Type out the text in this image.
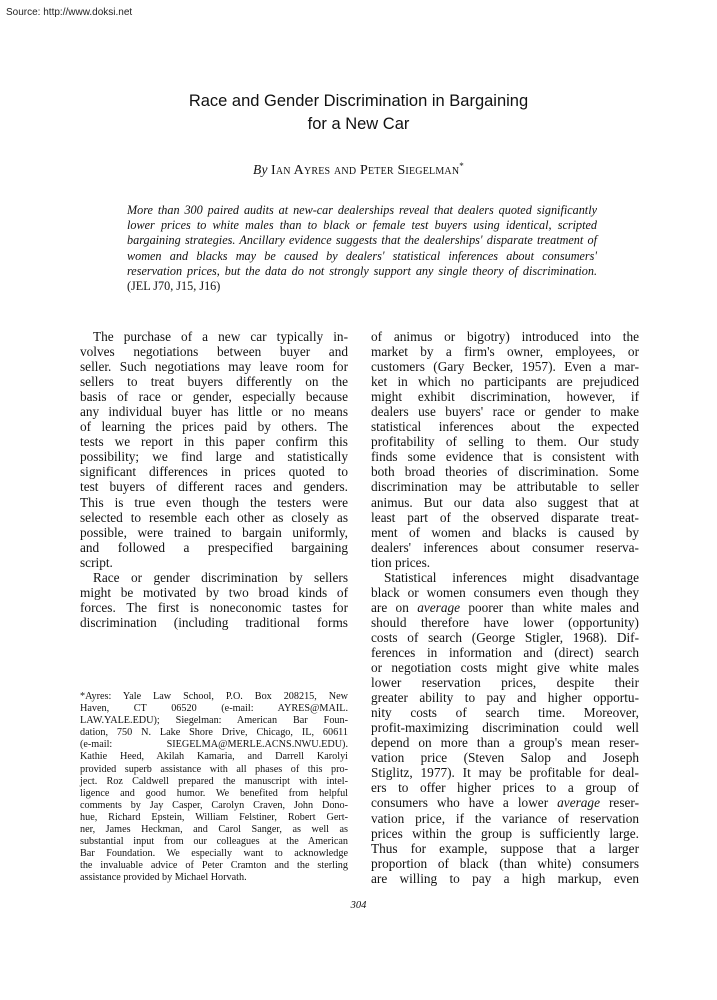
Source: http://www.doksi.net
Race and Gender Discrimination in Bargaining
for a New Car
By Ian Ayres and Peter Siegelman*
More than 300 paired audits at new-car dealerships reveal that dealers quoted significantly lower prices to white males than to black or female test buyers using identical, scripted bargaining strategies. Ancillary evidence suggests that the dealerships' disparate treatment of women and blacks may be caused by dealers' statistical inferences about consumers' reservation prices, but the data do not strongly support any single theory of discrimination. (JEL J70, J15, J16)
The purchase of a new car typically in-
volves negotiations between buyer and
seller. Such negotiations may leave room for
sellers to treat buyers differently on the
basis of race or gender, especially because
any individual buyer has little or no means
of learning the prices paid by others. The
tests we report in this paper confirm this
possibility; we find large and statistically
significant differences in prices quoted to
test buyers of different races and genders.
This is true even though the testers were
selected to resemble each other as closely as
possible, were trained to bargain uniformly,
and followed a prespecified bargaining
script.
Race or gender discrimination by sellers
might be motivated by two broad kinds of
forces. The first is noneconomic tastes for
discrimination (including traditional forms
of animus or bigotry) introduced into the
market by a firm's owner, employees, or
customers (Gary Becker, 1957). Even a mar-
ket in which no participants are prejudiced
might exhibit discrimination, however, if
dealers use buyers' race or gender to make
statistical inferences about the expected
profitability of selling to them. Our study
finds some evidence that is consistent with
both broad theories of discrimination. Some
discrimination may be attributable to seller
animus. But our data also suggest that at
least part of the observed disparate treat-
ment of women and blacks is caused by
dealers' inferences about consumer reserva-
tion prices.
Statistical inferences might disadvantage
black or women consumers even though they
are on average poorer than white males and
should therefore have lower (opportunity)
costs of search (George Stigler, 1968). Dif-
ferences in information and (direct) search
or negotiation costs might give white males
lower reservation prices, despite their
greater ability to pay and higher opportu-
nity costs of search time. Moreover,
profit-maximizing discrimination could well
depend on more than a group's mean reser-
vation price (Steven Salop and Joseph
Stiglitz, 1977). It may be profitable for deal-
ers to offer higher prices to a group of
consumers who have a lower average reser-
vation price, if the variance of reservation
prices within the group is sufficiently large.
Thus for example, suppose that a larger
proportion of black (than white) consumers
are willing to pay a high markup, even
*Ayres: Yale Law School, P.O. Box 208215, New
Haven, CT 06520 (e-mail: AYRES@MAIL.
LAW.YALE.EDU); Siegelman: American Bar Foun-
dation, 750 N. Lake Shore Drive, Chicago, IL, 60611
(e-mail: SIEGELMA@MERLE.ACNS.NWU.EDU).
Kathie Heed, Akilah Kamaria, and Darrell Karolyi
provided superb assistance with all phases of this pro-
ject. Roz Caldwell prepared the manuscript with intel-
ligence and good humor. We benefited from helpful
comments by Jay Casper, Carolyn Craven, John Dono-
hue, Richard Epstein, William Felstiner, Robert Gert-
ner, James Heckman, and Carol Sanger, as well as
substantial input from our colleagues at the American
Bar Foundation. We especially want to acknowledge
the invaluable advice of Peter Cramton and the sterling
assistance provided by Michael Horvath.
304
